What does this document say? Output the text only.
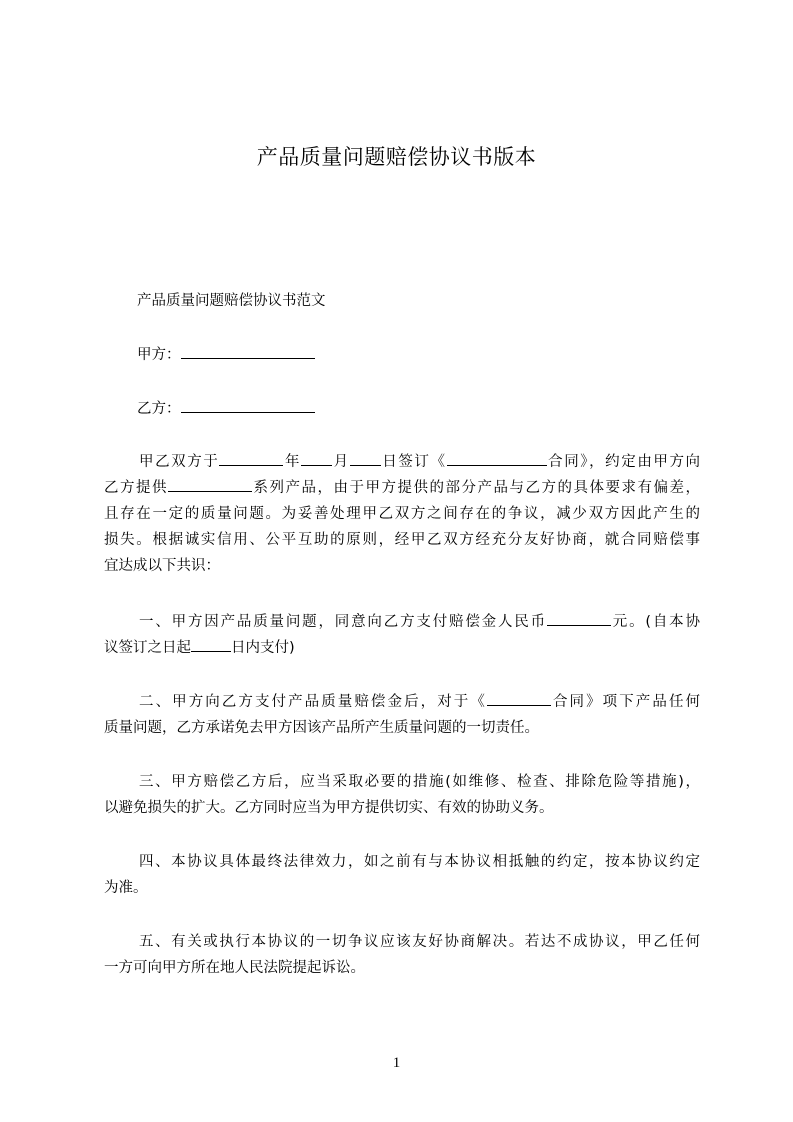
产品质量问题赔偿协议书版本
产品质量问题赔偿协议书范文
甲方：
乙方：
甲乙双方于	年 月 日签订《	合同》，约定由甲方向
乙方提供	系列产品，由于甲方提供的部分产品与乙方的具体要求有偏差，
且存在一定的质量问题。为妥善处理甲乙双方之间存在的争议，减少双方因此产生的
损失。根据诚实信用、公平互助的原则，经甲乙双方经充分友好协商，就合同赔偿事
宜达成以下共识：
一、甲方因产品质量问题，同意向乙方支付赔偿金人民币	元。(自本协
议签订之日起	日内支付)
二、甲方向乙方支付产品质量赔偿金后，对于《	合同》项下产品任何
质量问题，乙方承诺免去甲方因该产品所产生质量问题的一切责任。
三、甲方赔偿乙方后，应当采取必要的措施(如维修、检查、排除危险等措施)，
以避免损失的扩大。乙方同时应当为甲方提供切实、有效的协助义务。
四、本协议具体最终法律效力，如之前有与本协议相抵触的约定，按本协议约定
为准。
五、有关或执行本协议的一切争议应该友好协商解决。若达不成协议，甲乙任何
一方可向甲方所在地人民法院提起诉讼。
1
